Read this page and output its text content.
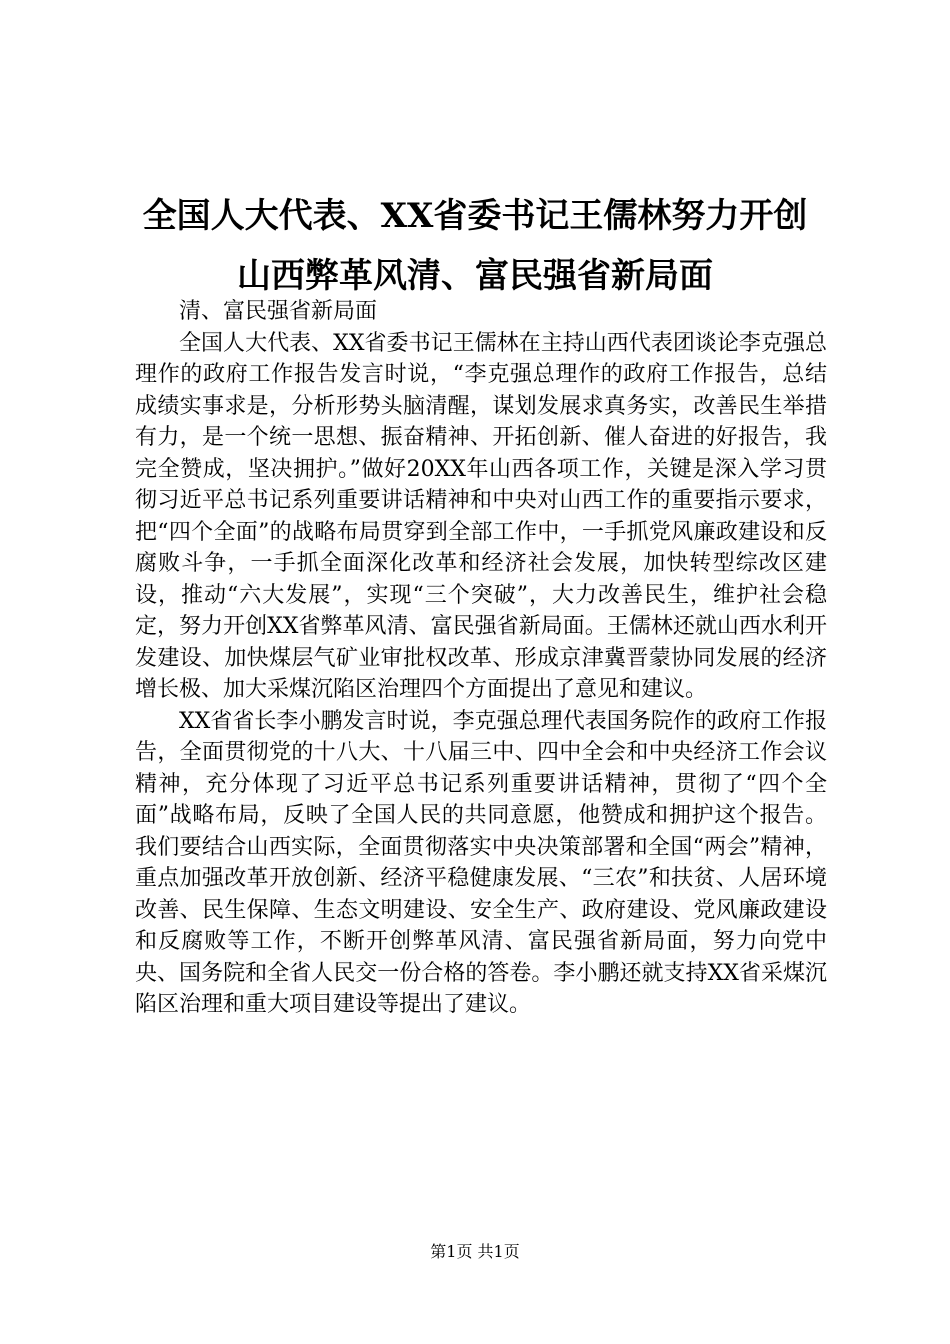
全国人大代表、XX省委书记王儒林努力开创
山西弊革风清、富民强省新局面

清、富民强省新局面

全国人大代表、XX省委书记王儒林在主持山西代表团谈论李克强总理作的政府工作报告发言时说，“李克强总理作的政府工作报告，总结成绩实事求是，分析形势头脑清醒，谋划发展求真务实，改善民生举措有力，是一个统一思想、振奋精神、开拓创新、催人奋进的好报告，我完全赞成，坚决拥护。”做好20XX年山西各项工作，关键是深入学习贯彻习近平总书记系列重要讲话精神和中央对山西工作的重要指示要求，把“四个全面”的战略布局贯穿到全部工作中，一手抓党风廉政建设和反腐败斗争，一手抓全面深化改革和经济社会发展，加快转型综改区建设，推动“六大发展”，实现“三个突破”，大力改善民生，维护社会稳定，努力开创XX省弊革风清、富民强省新局面。王儒林还就山西水利开发建设、加快煤层气矿业审批权改革、形成京津冀晋蒙协同发展的经济增长极、加大采煤沉陷区治理四个方面提出了意见和建议。

XX省省长李小鹏发言时说，李克强总理代表国务院作的政府工作报告，全面贯彻党的十八大、十八届三中、四中全会和中央经济工作会议精神，充分体现了习近平总书记系列重要讲话精神，贯彻了“四个全面”战略布局，反映了全国人民的共同意愿，他赞成和拥护这个报告。我们要结合山西实际，全面贯彻落实中央决策部署和全国“两会”精神，重点加强改革开放创新、经济平稳健康发展、“三农”和扶贫、人居环境改善、民生保障、生态文明建设、安全生产、政府建设、党风廉政建设和反腐败等工作，不断开创弊革风清、富民强省新局面，努力向党中央、国务院和全省人民交一份合格的答卷。李小鹏还就支持XX省采煤沉陷区治理和重大项目建设等提出了建议。

第1页 共1页
